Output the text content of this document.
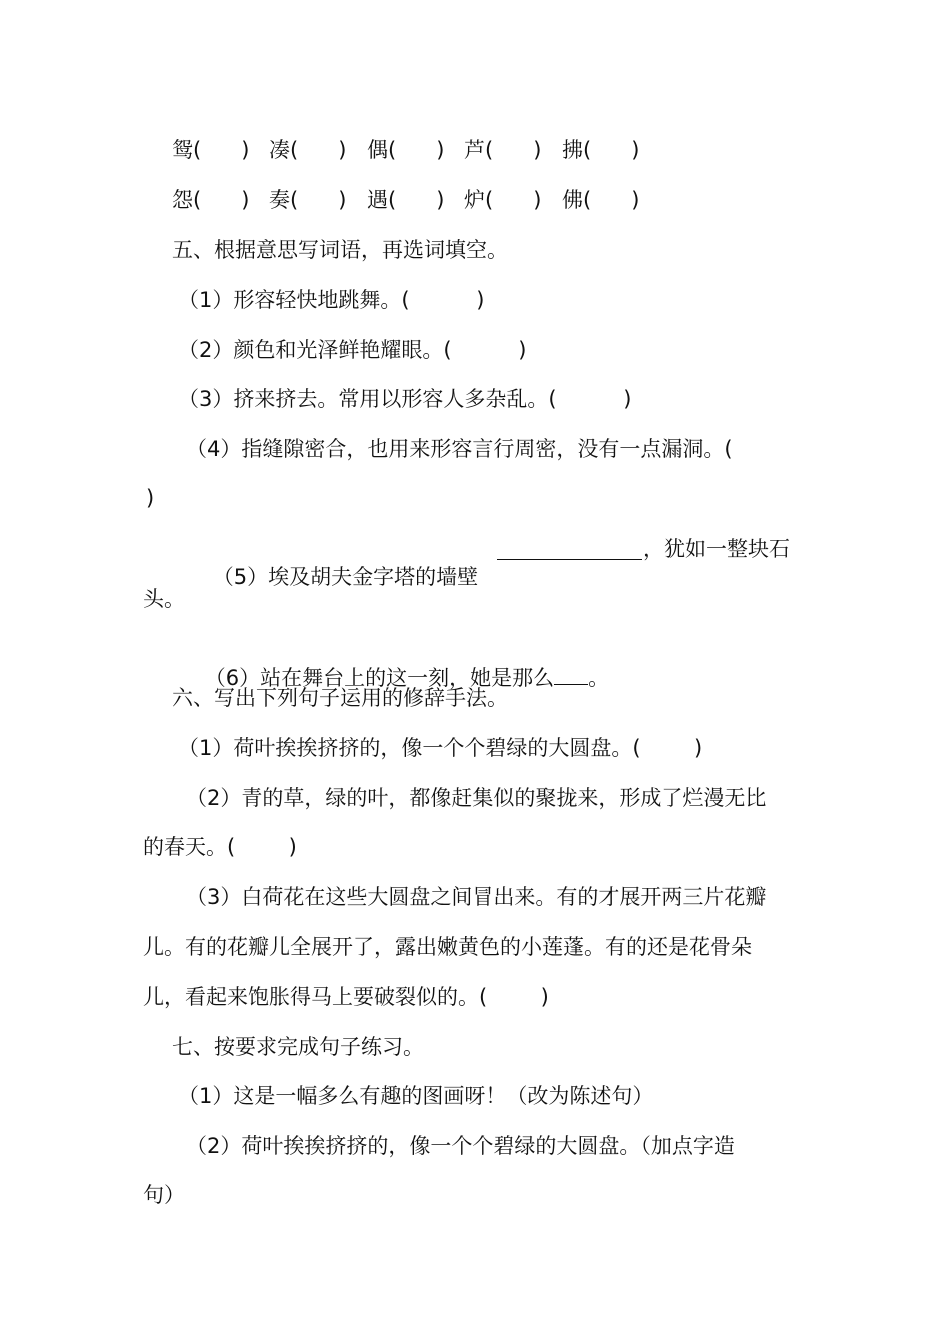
鸳(      )

凑(      )

偶(      )

芦(      )

拂(      )

怨(      )

奏(      )

遇(      )

炉(      )

佛(      )

五、根据意思写词语，再选词填空。
（1）形容轻快地跳舞。(          )
（2）颜色和光泽鲜艳耀眼。(          )
（3）挤来挤去。常用以形容人多杂乱。(          )
（4）指缝隙密合，也用来形容言行周密，没有一点漏洞。(
)

（5）埃及胡夫金字塔的墙壁

，犹如一整块石
头。

（6）站在舞台上的这一刻，她是那么 。

六、写出下列句子运用的修辞手法。
（1）荷叶挨挨挤挤的，像一个个碧绿的大圆盘。(        )
（2）青的草，绿的叶，都像赶集似的聚拢来，形成了烂漫无比
的春天。(        )
（3）白荷花在这些大圆盘之间冒出来。有的才展开两三片花瓣
儿。有的花瓣儿全展开了，露出嫩黄色的小莲蓬。有的还是花骨朵
儿，看起来饱胀得马上要破裂似的。(        )
七、按要求完成句子练习。
（1）这是一幅多么有趣的图画呀！（改为陈述句）
（2）荷叶挨挨挤挤的，像一个个碧绿的大圆盘。（加点字造
句）
